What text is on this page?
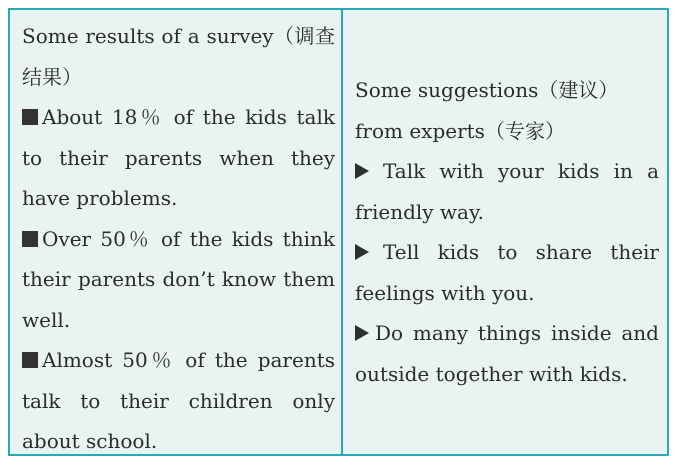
Some results of a survey（调查结果）

About 18％ of the kids talk to their parents when they have problems.

Over 50％ of the kids think their parents don’t know them well.

Almost 50％ of the parents talk to their children only about school.

Some suggestions（建议） from experts（专家）

Talk with your kids in a friendly way.

Tell kids to share their feelings with you.

Do many things inside and outside together with kids.
